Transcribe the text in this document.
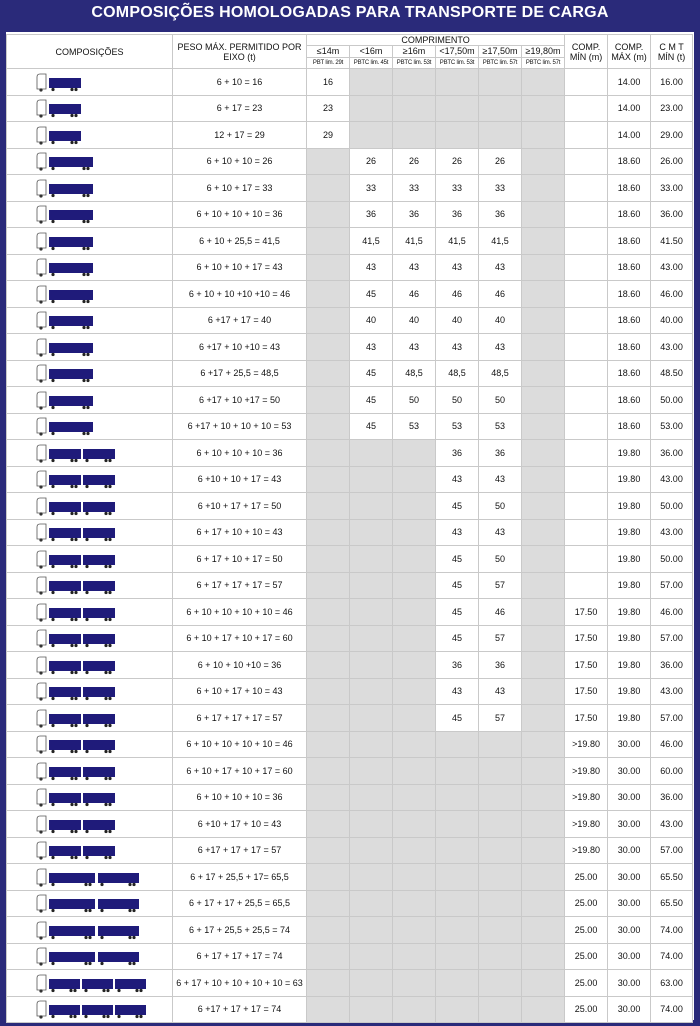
COMPOSIÇÕES HOMOLOGADAS PARA TRANSPORTE DE CARGA
COMPOSIÇÕES	PESO MÁX. PERMITIDO POR EIXO (t)	COMPRIMENTO						COMP. MÍN (m)	COMP. MÁX (m)	C M T MÍN (t)
		≤14m	<16m	≥16m	<17,50m	≥17,50m	≥19,80m			
		PBT lim. 29t	PBTC lim. 45t	PBTC lim. 53t	PBTC lim. 53t	PBTC lim. 57t	PBTC lim. 57t			

	6 + 10 = 16	16							14.00	16.00

	6 + 17 = 23	23							14.00	23.00

	12 + 17 = 29	29							14.00	29.00

	6 + 10 + 10 = 26		26	26	26	26			18.60	26.00

	6 + 10 + 17 = 33		33	33	33	33			18.60	33.00

	6 + 10 + 10 + 10 = 36		36	36	36	36			18.60	36.00

	6 + 10 + 25,5 = 41,5		41,5	41,5	41,5	41,5			18.60	41.50

	6 + 10 + 10 + 17 = 43		43	43	43	43			18.60	43.00

	6 + 10 + 10 +10 +10 = 46		45	46	46	46			18.60	46.00

	6 +17 + 17 = 40		40	40	40	40			18.60	40.00

	6 +17 + 10 +10 = 43		43	43	43	43			18.60	43.00

	6 +17 + 25,5 = 48,5		45	48,5	48,5	48,5			18.60	48.50

	6 +17 + 10 +17 = 50		45	50	50	50			18.60	50.00

	6 +17 + 10 + 10 + 10 = 53		45	53	53	53			18.60	53.00

	6 + 10 + 10 + 10 = 36				36	36			19.80	36.00

	6 +10 + 10 + 17 = 43				43	43			19.80	43.00

	6 +10 + 17 + 17 = 50				45	50			19.80	50.00

	6 + 17 + 10 + 10 = 43				43	43			19.80	43.00

	6 + 17 + 10 + 17 = 50				45	50			19.80	50.00

	6 + 17 + 17 + 17 = 57				45	57			19.80	57.00

	6 + 10 + 10 + 10 + 10 = 46				45	46		17.50	19.80	46.00

	6 + 10 + 17 + 10 + 17 = 60				45	57		17.50	19.80	57.00

	6 + 10 + 10 +10 = 36				36	36		17.50	19.80	36.00

	6 + 10 + 17 + 10 = 43				43	43		17.50	19.80	43.00

	6 + 17 + 17 + 17 = 57				45	57		17.50	19.80	57.00

	6 + 10 + 10 + 10 + 10 = 46							>19.80	30.00	46.00

	6 + 10 + 17 + 10 + 17 = 60							>19.80	30.00	60.00

	6 + 10 + 10 + 10 = 36							>19.80	30.00	36.00

	6 +10 + 17 + 10 = 43							>19.80	30.00	43.00

	6 +17 + 17 + 17 = 57							>19.80	30.00	57.00

	6 + 17 + 25,5 + 17= 65,5							25.00	30.00	65.50

	6 + 17 + 17 + 25,5 = 65,5							25.00	30.00	65.50

	6 + 17 + 25,5 + 25,5 = 74							25.00	30.00	74.00

	6 + 17 + 17 + 17 = 74							25.00	30.00	74.00

	6 + 17 + 10 + 10 + 10 + 10 = 63							25.00	30.00	63.00

	6 +17 + 17 + 17 = 74							25.00	30.00	74.00
